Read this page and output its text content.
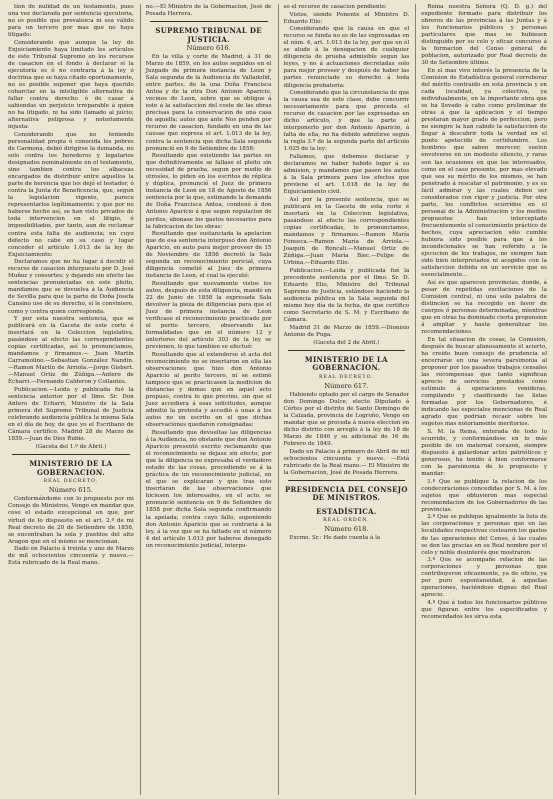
tion de nulidad de un testamento, pues una vez declarada por sentencia ejecutoria, no es posible que prevalezca ni sea válido para un tercero por mas que no haya litigado:

Considerando que aunque la ley de Enjuiciamiento haya limitado los artículos de este Tribunal Supremo en los recursos de casacion en el fondo á declarar si la ejecutoria es ó no contraria á la ley ó doctrina que se haya citado oportunamente, no es posible suponer que haya querido coharctar en la inteligible alternativa de fallar contra derecho ó de casar á sabiendas un perjuicio irreparable á quien no ha litigado, ni ha sido llamado al juicio; alternativa peligrosa y notoriamente injusta:

Considerando que no teniendo personalidad propia ó conocida los pobres de Carmona, debió dirigirse la demanda, no solo contra los herederos y legatarios designados nominalmente en el testamento, sino tambien contra los albaceas encargados de distribuir entre aquellos la parte de herencia que les dejó el testador, ó contra la Junta de Beneficencia, que, segun la legislacion vigente, parece representarlos legítimamente; y que por no haberse hecho así, se han visto privados de toda intervencion en el litigio, é imposibilitados, por tanto, aun de reclamar contra esta falta de audiencia; en cuyo defecto no cabe en su caso y lugar conceder el artículo 1.013 de la ley de Enjuiciamiento:

Declaramos que no ha lugar á decidir el recurso de casacion interpuesto por D. José Muñoz y consortes; y dejando sin efecto las sentencias pronunciadas en este pleito, mandamos que se devuelva á la Audiencia de Sevilla para que la parte de Doña Josefa Cansino use de su derecho, si le conviniere, como y contra quien corresponda.

Y por esta nuestra sentencia, que se publicará en la Gaceta de este corte é insertará en la Coleccion legislativa, pasándose al efecto las correspondientes copias certificadas, así lo pronunciamos, mandamos y firmamos.— Juan Martín Carramolino.—Sebastian González Nandin.—Ramon Martín de Arriola.—Jorge Gisbert.—Manuel Ortiz de Zúñiga.—Antero de Echarri.—Fernando Calderon y Collantes.

Publicacion.—Leida y publicada fué la sentencia anterior por el Ilmo. Sr. Don Antero de Echarri, Ministro de la Sala primera del Supremo Tribunal de Justicia celebrando audiencia pública la misma Sala en el día de hoy, de que yo el Escribano de Cámara certifico. Madrid 28 de Marzo de 1859.—Juan de Dios Rubio.

(Gaceta del 1.º de Abril.)

MINISTERIO DE LA GOBERNACION.

REAL DECRETO.

Número 615.

Conformándome con lo propuesto por mi Consejo de Ministros, Vengo en mandar que cese el estado excepcional en que, por virtud de lo dispuesto en el art. 2.º de mi Real decreto de 20 de Setiembre de 1858, se encontraban la sola y pueblos del alto Aragon que en el mismo se mencionan.

Dado en Palacio á treinta y uno de Marzo de mil ochocientos cincuenta y nueve.—Está rubricado de la Real mano.

no.—El Ministro de la Gobernacion, José de Posada Herrera.

SUPREMO TRIBUNAL DE JUSTICIA.

Número 616.

En la villa y corte de Madrid, á 31 de Marzo de 1859, en los autos seguidos en el Juzgado de primera instancia de Leon y Sala segunda de la Audiencia de Valladolid, entre partes, de la una Doña Francisca Antoa y de la otra Don Antonio Aparicio, vecinos de Leon, sobre que se obligue á este á la satisfaccion del coste de las obras precisas para la conservacion de una casa de aquella; autos que ante Nos penden por recurso de casacion, fundado en una de las causas que expresa el art. 1.013 de la ley, contra la sentencia que dicha Sala segunda pronunció en 9 de Setiembre de 1858:

Resultando que existiendo las partes en que definitivamente se fallase el pleito sin necesidad de prueba, segun por medio de otrosíes, lo piden en los escritos de réplica y dúplica, pronunció el Juez de primera instancia de Leon en 18 de Agosto de 1856 sentencia por la que, estimando la demanda de Doña Francisca Antoa, condenó á don Antonio Aparicio á que segun regulacion de peritos, abonase los gastos necesarios para la fabricacion de los obras:

Resultando que sustanciada la apelacion que de esa sentencia interpuso don Antonio Aparicio, en auto para mejor proveer de 15 de Noviembre de 1856 decretó la Sala segunda un reconocimiento pericial, cuya diligencia cometió al Juez de primera instancia de Leon, el cual la ejecutó:

Resultando que nuevamente vistos los autos, después de esta diligencia, mandó en 22 de Junio de 1858 la expresada Sala devolver la pieza de diligencias para que el Juez de primera instancia de Leon verificase el reconocimiento practicado por el perito tercero, observando las formalidades que en el número 12 y anteriores del artículo 303 de la ley se previenen, lo que tambien se efectuó:

Resultando que al extenderse el acta del reconocimiento no se insertaron en ella las observaciones que hizo don Antonio Aparicio al perito tercero, ni se estimó tampoco que se practicasen la medicion de distancias y demas que en aquel acto propuso, contra lo que previno, sin que el Juez accediera á esas solicitudes, aunque admitió la protesta y accedió á unas á los autos no un escrito en el que dichas observaciones quedaron consignadas:

Resultando que devueltas las diligencias á la Audiencia, no obstante que don Antonio Aparicio presentó escrito reclamando que el reconocimiento se dejase sin efecto, por que la diligencia no expresaba el verdadero estado de las cosas, procediendo se á la práctica de un reconocimiento judicial, en el que se explicaran y que tras esto insertaran de las observaciones que hiciesen los interesados, en el acto, se pronunció sentencia en 9 de Setiembre de 1858 por dicha Sala segunda confirmando la apelada; contra cuyo fallo, suponiendo don Antonio Aparicio que se contraria á la ley, á la vez que se ha faltado en el número 4 del artículo 1.013 por haberse denegado un reconocimiento judicial, interpu-

so el recurso de casacion pendiente:

Vistos, siendo Ponente el Ministro D. Eduardo Elio:

Considerando que la causa en que el recurso se funda no es de las expresadas en el núm. 4, art. 1.013 de la ley, por que en él se alude á la denegacion de cualquier diligencia de prueba admisible segun las leyes, y no á actuaciones decretadas solo para mejor proveer y después de haber las partes renunciado su derecho á toda diligencia probatoria:

Considerando que la circunstancia de que la causa sea de este clase, debe concurrir necesariamente para que proceda el recurso de casacion por las expresadas en dicho artículo, y que la parte al interponerlo por don Antonio Aparicio, á falta de ella, no ha debido admitirse segun la regla 3.ª de la segunda parte del artículo 1.025 de la ley:

Fallamos, que debemos declarar y declaramos no haber habido lugar á su admision, y mandamos que pasen los autos á la Sala primera para los efectos que previene el art. 1.018 de la ley de Enjuiciamiento civil.

Así por la presente sentencia, que se publicará en la Gaceta de esta corte é insertará en la Coleccion legislativa, pasándose al efecto las correspondientes copias certificadas, lo pronunciamos, mandamos y firmamos.—Ramon María Fonseca.—Ramon María de Arriola.—Joaquin de Roncali.—Manuel Ortiz de Zúñiga.—Juan María Biec.—Felipe de Urbina.—Eduardo Elio.

Publicacion.—Leida y publicada fué la precedente sentencia por el Ilmo. Sr. D. Eduardo Elio, Ministro del Tribunal Supremo de Justicia, estándose haciendo la audiencia pública en la Sala segunda del mismo hoy día de la fecha, de que certifico como Secretario de S. M. y Escribano de Cámara.

Madrid 31 de Marzo de 1859.—Dionisio Antonio de Puga.

(Gaceta del 2 de Abril.)

MINISTERIO DE LA GOBERNACION.

REAL DECRETO.

Número 617.

Habiendo optado por el cargo de Senador don Domingo Dulce, electo Diputado á Córtes por el distrito de Santo Domingo de la Calzada, provincia de Logroño, Vengo en mandar que se proceda á nueva eleccion en dicho distrito con arreglo á la ley de 18 de Marzo de 1846 y su adicional de 16 de Febrero de 1849.

Dado en Palacio á primero de Abril de mil ochocientos cincuenta y nueve. —Está rubricado de la Real mano.— El Ministro de la Gobernacion, José de Posada Herrera.

PRESIDENCIA DEL CONSEJO DE MINISTROS.

ESTADÍSTICA.

REAL ORDEN.

Número 618.

Excmo. Sr.: He dado cuenta á la

Reina nuestra Señora (Q. D. g.) del expediente formado para distribuir los obreros de las provincias á las Juntas y á los funcionarios públicos y personas particulares que mas se hubiesen distinguido por su celo y eficaz concurso á la formacion del Censo general de poblacion, autorizado por Real decreto de 30 de Setiembre último.

En el mas vivo interés la presencia de la Comision de Estadística general corroborar del mérito contraido en esta provincia y en cada localidad, ya colectiva, ya individualmente, en la importante obra que se ha llevado á cabo como preliminar de otras á que la aplicacion y el tiempo prestaran mayor grado de perfeccion; pero no siempre la han cabido la satisfaccion de llegar á descubrir toda la verdad en el punto apetecido de certidumbre. Los hombres que saben merecer, suelen envolverse en un modesto silencio, y raras son las ocasiones en que los interesados, como en el caso presente, por mas elevado que sea su mérito de los mismos, se han penetrado á rescatar el patrimonio, y es su fácil admirar y las cuales deben ser considerados con rigor y justicia. Por otra parte, los conflictos ocurridos en el personal de la Administracion y los medios propuestos han interceptado frecuentemente el conocimiento práctico de hechos, cuya apreciacion sólo cumble hubiera sido posible para que á los incondicionales se han referido a la ejecucion de los trabajos, no siempre han sido bien interpretados ni acogidos con la satisfaccion debida en un servicio que es esencialmente...

Así es que aparecen provincias, donde, á pesar de repetidas excitaciones de la Comision central, ni una sola palabra de distincion se ha recogido en favor de cuerpos ó personas determinadas, mientras que en otras ha dominado cierta propension á ampliar y hasta generalizar los recomendaciones.

En tal situacion de cosas, la Comision, después de buscar afanosamente el acierto, ha creido buen consejo de prudencia el encerrarse en una severa parsimonia al proponer por los pasados trabajos censales las recompensas que tanto significan aprecio de servicios prestados como estímulo á operaciones venideras, compilando y clasificando las listas formadas por los Gobernadores, é indicando las especiales mencionas de Real agrado que podrian recaer sobre los sugetos mas notoriamente meritorios.

S. M. la Reina, enterada de todo lo ocurrido, y conformándose en lo más posible de un maternal corazon, siempre dispuesto á galardonar actos patrióticos y generosos, ha tenido á bien conformarse con la parsimonia de lo propuesto y mandar:

1.º Que se publique la relacion de los condecoraciones concedidas por S. M. á los sujetos que obtuvieron mas especial recomendacion de los Gobernadores de las provincias.

2.º Que se publique igualmente la lista de las corporaciones y personas que en las localidades respectivas costearon los gastos de las operaciones del Censo, á las cuales se den las gracias en su Real nombre por el celo y noble desinterés que mostraron.

3.º Que se acompañe relacion de las corporaciones y personas que contribuyeron eficazmente, ya de oficio, ya por puro espontaneidad, á aquellas operaciones, haciéndose dignas del Real aprecio.

4.º Que á todos los funcionarios públicos que figuran entre los especificados y recomendados les sirva esta
